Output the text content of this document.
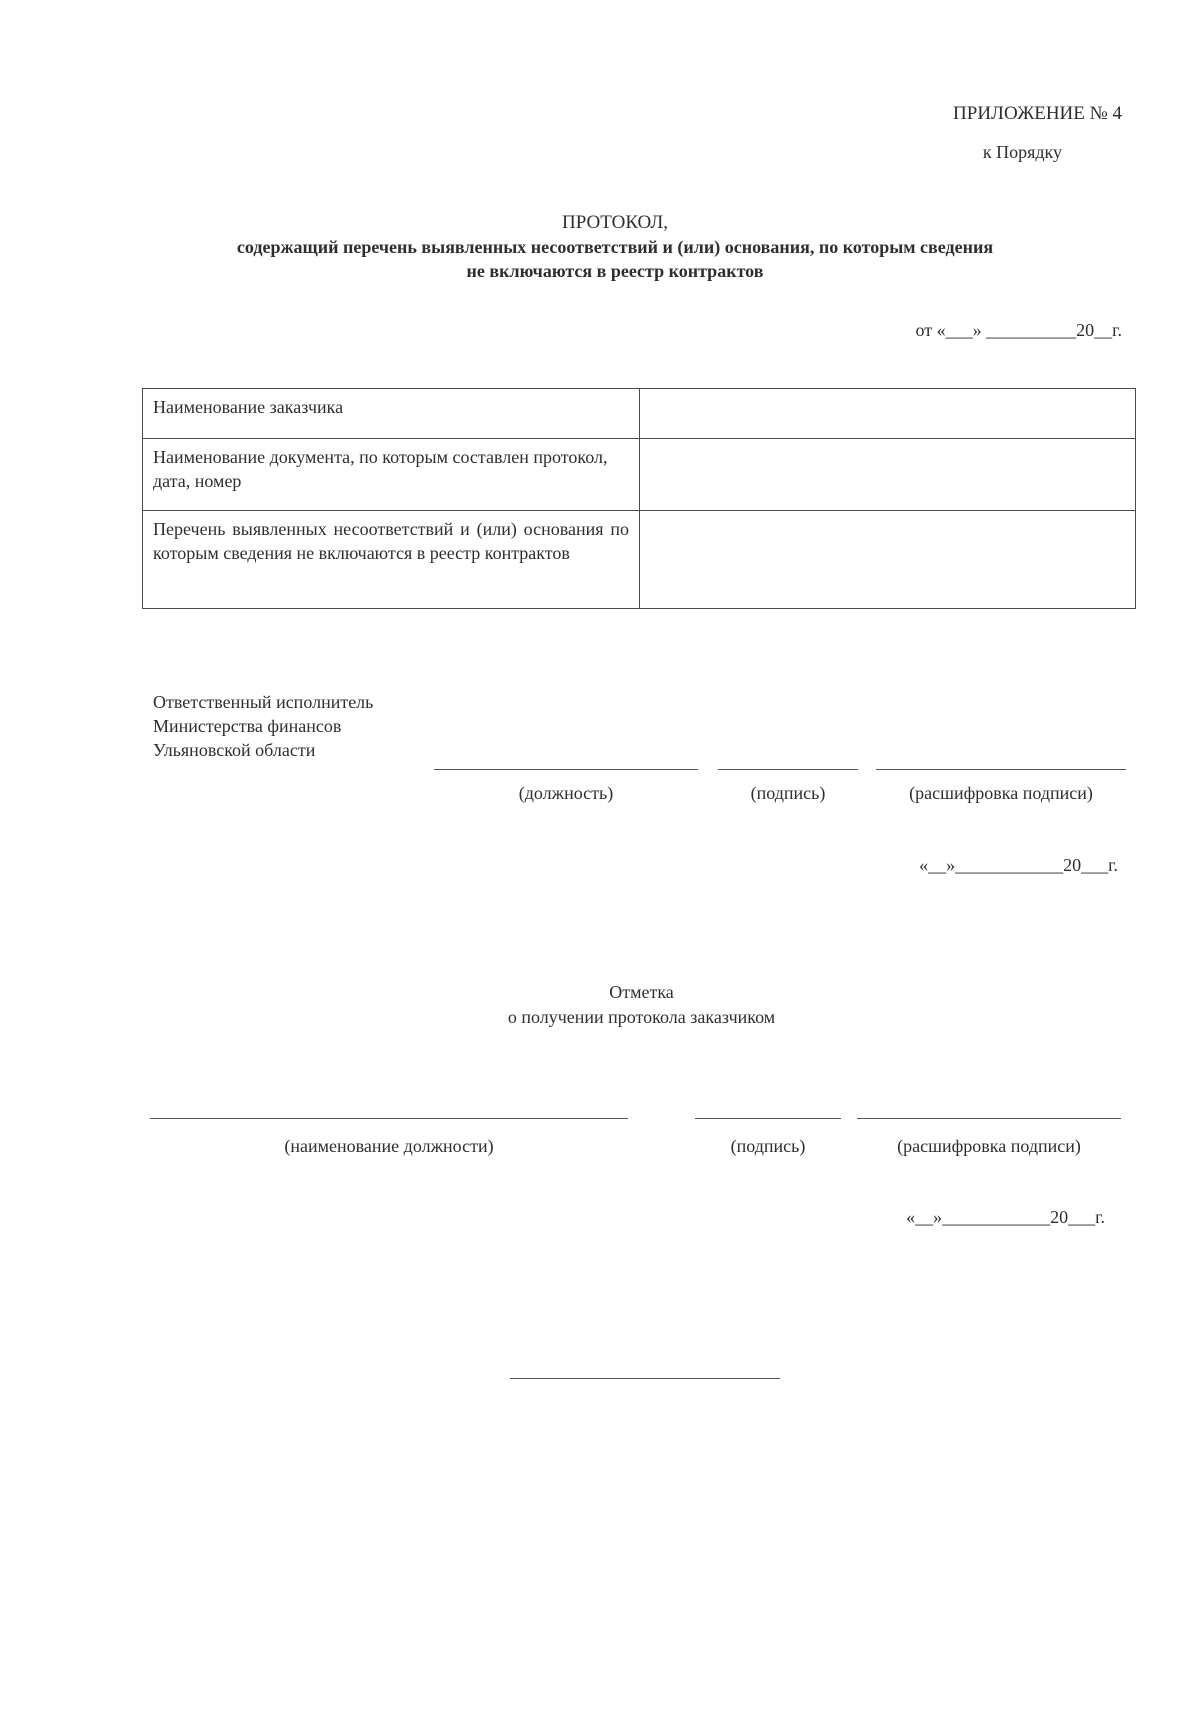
ПРИЛОЖЕНИЕ № 4
к Порядку
ПРОТОКОЛ,
содержащий перечень выявленных несоответствий и (или) основания, по которым сведения
не включаются в реестр контрактов
от «___» __________20__г.
Наименование заказчика	
Наименование документа, по которым составлен протокол, дата, номер	
Перечень выявленных несоответствий и (или) основания по которым сведения не включаются в реестр контрактов	
Ответственный исполнитель
Министерства финансов
Ульяновской области
(должность)	(подпись)	(расшифровка подписи)
«__»____________20___г.
Отметка
о получении протокола заказчиком
(наименование должности)	(подпись)	(расшифровка подписи)
«__»____________20___г.
